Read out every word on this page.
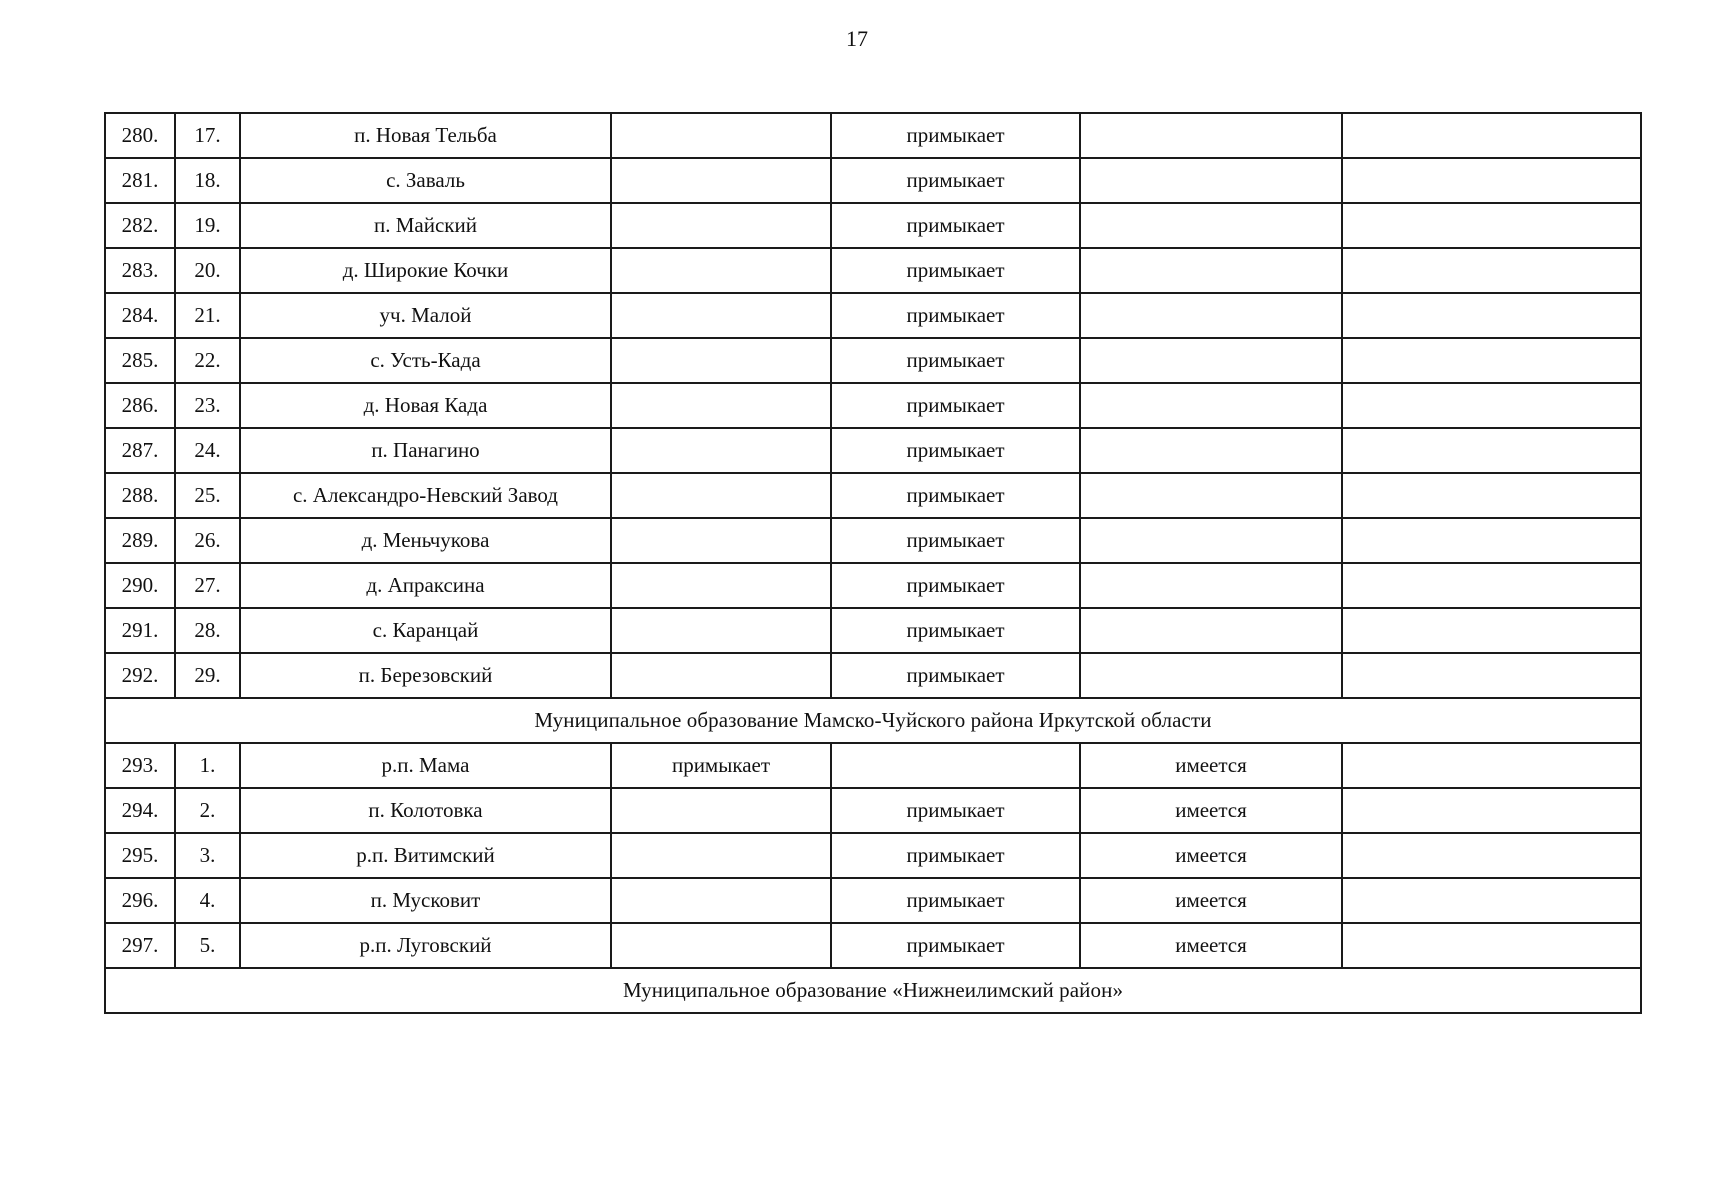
17
280.	17.	п. Новая Тельба		примыкает		
281.	18.	с. Заваль		примыкает		
282.	19.	п. Майский		примыкает		
283.	20.	д. Широкие Кочки		примыкает		
284.	21.	уч. Малой		примыкает		
285.	22.	с. Усть-Када		примыкает		
286.	23.	д. Новая Када		примыкает		
287.	24.	п. Панагино		примыкает		
288.	25.	с. Александро-Невский Завод		примыкает		
289.	26.	д. Меньчукова		примыкает		
290.	27.	д. Апраксина		примыкает		
291.	28.	с. Каранцай		примыкает		
292.	29.	п. Березовский		примыкает		
Муниципальное образование Мамско-Чуйского района Иркутской области						
293.	1.	р.п. Мама	примыкает		имеется	
294.	2.	п. Колотовка		примыкает	имеется	
295.	3.	р.п. Витимский		примыкает	имеется	
296.	4.	п. Мусковит		примыкает	имеется	
297.	5.	р.п. Луговский		примыкает	имеется	
Муниципальное образование «Нижнеилимский район»						
